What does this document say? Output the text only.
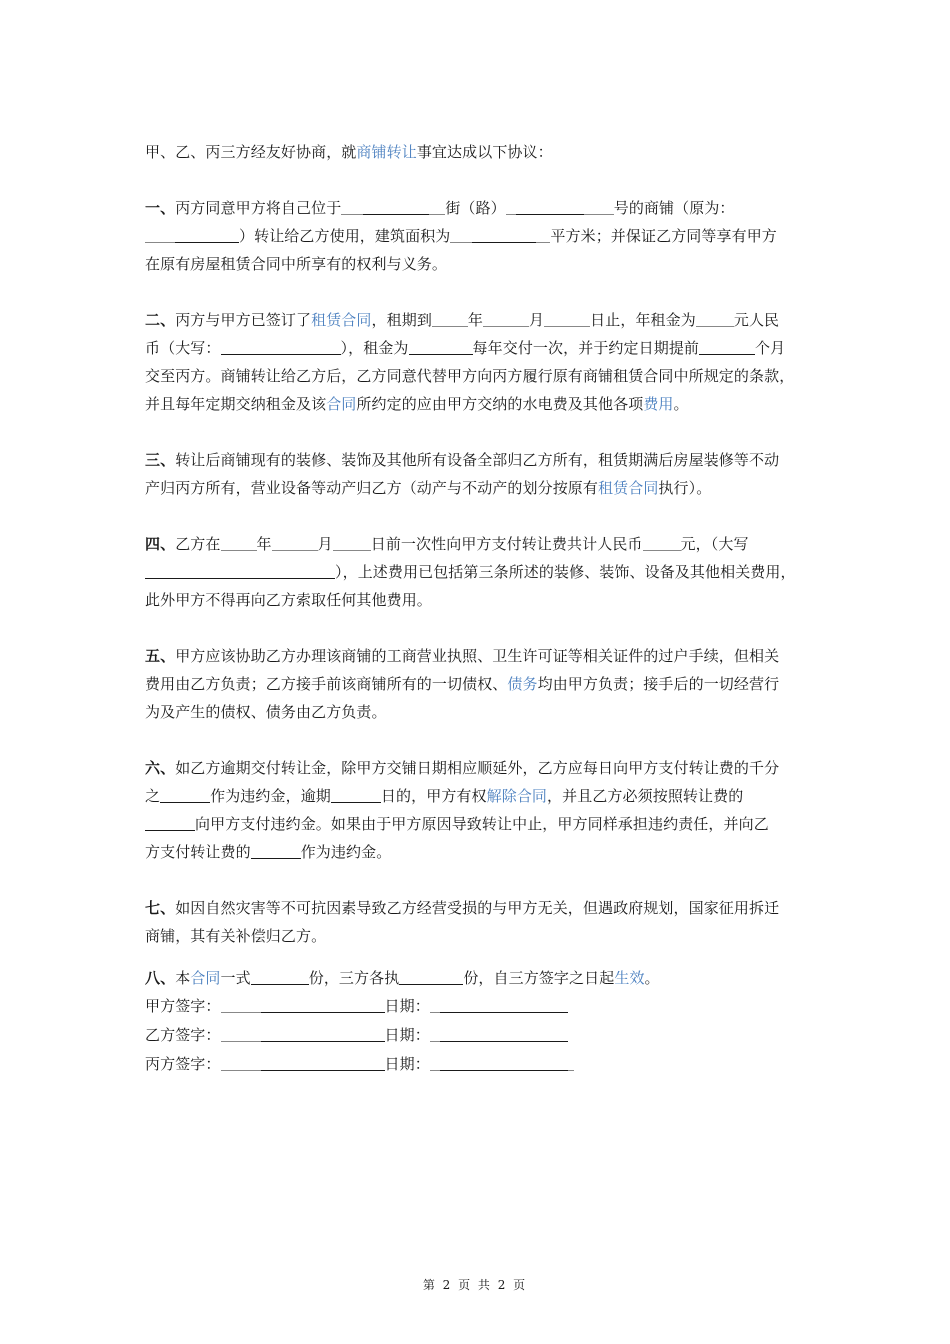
甲、乙、丙三方经友好协商，就商铺转让事宜达成以下协议：

一、丙方同意甲方将自己位于	街（路）	号的商铺（原为：

）转让给乙方使用，建筑面积为	平方米；并保证乙方同等享有甲方

在原有房屋租赁合同中所享有的权利与义务。

二、丙方与甲方已签订了租赁合同，租期到 年	月	日止，年租金为	元人民

币（大写：	），租金为	每年交付一次，并于约定日期提前	个月

交至丙方。商铺转让给乙方后，乙方同意代替甲方向丙方履行原有商铺租赁合同中所规定的条款，

并且每年定期交纳租金及该合同所约定的应由甲方交纳的水电费及其他各项费用。

三、转让后商铺现有的装修、装饰及其他所有设备全部归乙方所有，租赁期满后房屋装修等不动

产归丙方所有，营业设备等动产归乙方（动产与不动产的划分按原有租赁合同执行）。

四、乙方在 年	月	日前一次性向甲方支付转让费共计人民币	元，（大写

），上述费用已包括第三条所述的装修、装饰、设备及其他相关费用，

此外甲方不得再向乙方索取任何其他费用。

五、甲方应该协助乙方办理该商铺的工商营业执照、卫生许可证等相关证件的过户手续，但相关

费用由乙方负责；乙方接手前该商铺所有的一切债权、债务均由甲方负责；接手后的一切经营行

为及产生的债权、债务由乙方负责。

六、如乙方逾期交付转让金，除甲方交铺日期相应顺延外，乙方应每日向甲方支付转让费的千分

之	作为违约金，逾期	日的，甲方有权解除合同，并且乙方必须按照转让费的

向甲方支付违约金。如果由于甲方原因导致转让中止，甲方同样承担违约责任，并向乙

方支付转让费的	作为违约金。

七、如因自然灾害等不可抗因素导致乙方经营受损的与甲方无关，但遇政府规划，国家征用拆迁

商铺，其有关补偿归乙方。

八、本合同一式	份，三方各执	份，自三方签字之日起生效。

甲方签字：	日期：

乙方签字：	日期：

丙方签字：	日期：

第 2 页 共 2 页
